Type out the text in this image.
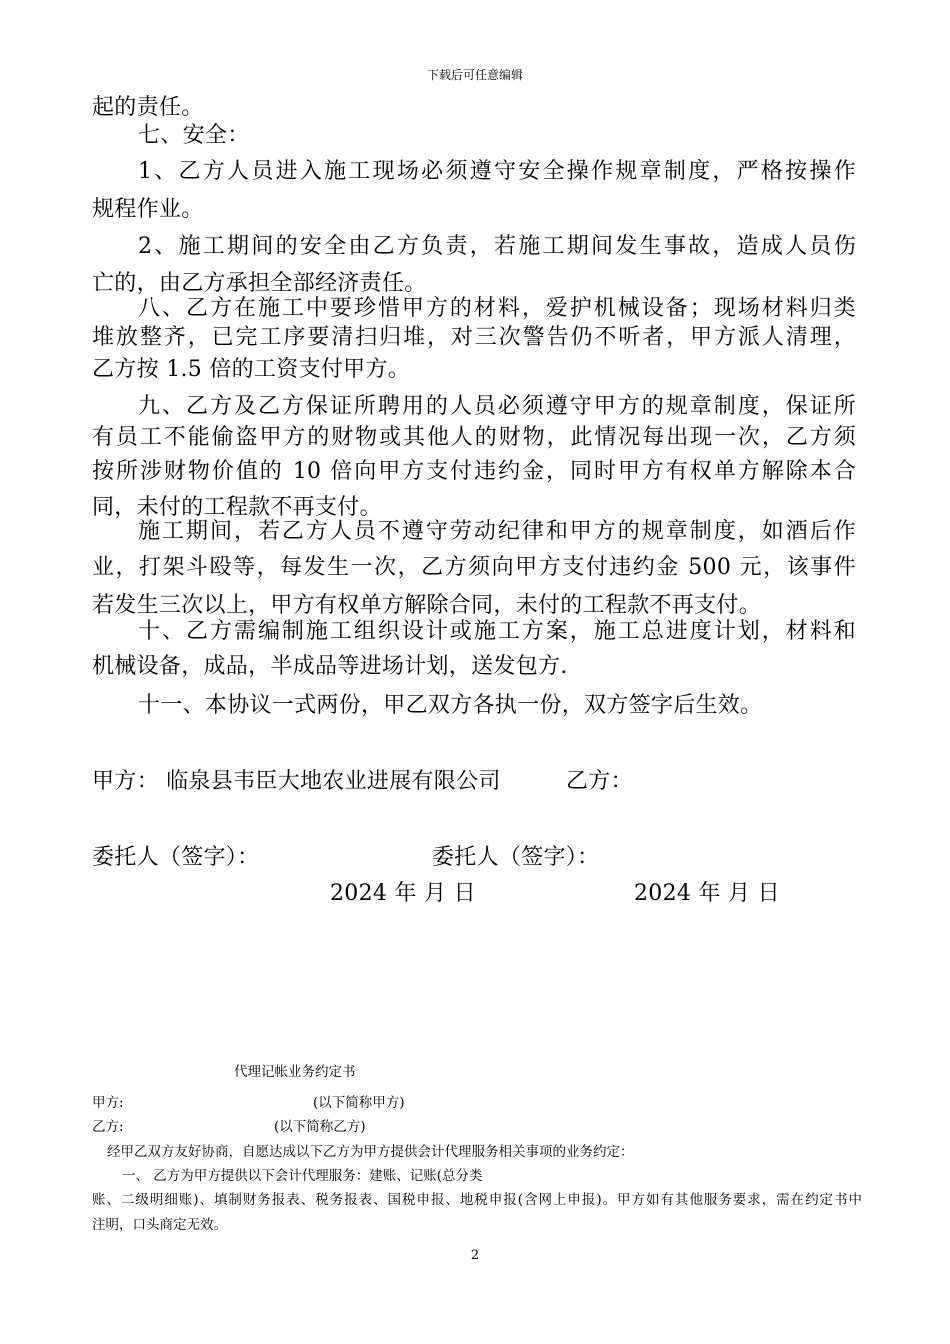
下载后可任意编辑
起的责任。
七、安全：
1、乙方人员进入施工现场必须遵守安全操作规章制度，严格按操作
规程作业。
2、施工期间的安全由乙方负责，若施工期间发生事故，造成人员伤
亡的，由乙方承担全部经济责任。
八、乙方在施工中要珍惜甲方的材料，爱护机械设备；现场材料归类
堆放整齐，已完工序要清扫归堆，对三次警告仍不听者，甲方派人清理，
乙方按 1.5 倍的工资支付甲方。
九、乙方及乙方保证所聘用的人员必须遵守甲方的规章制度，保证所
有员工不能偷盗甲方的财物或其他人的财物，此情况每出现一次，乙方须
按所涉财物价值的 10 倍向甲方支付违约金，同时甲方有权单方解除本合
同，未付的工程款不再支付。
施工期间，若乙方人员不遵守劳动纪律和甲方的规章制度，如酒后作
业，打架斗殴等，每发生一次，乙方须向甲方支付违约金 500 元，该事件
若发生三次以上，甲方有权单方解除合同，未付的工程款不再支付。
十、乙方需编制施工组织设计或施工方案，施工总进度计划，材料和
机械设备，成品，半成品等进场计划，送发包方.
十一、本协议一式两份，甲乙双方各执一份，双方签字后生效。
甲方： 临泉县韦臣大地农业进展有限公司	乙方：
委托人（签字）：	委托人（签字）：
2024 年 月 日	2024 年 月 日
代理记帐业务约定书
甲方:	(以下简称甲方)
乙方:	(以下简称乙方)
经甲乙双方友好协商，自愿达成以下乙方为甲方提供会计代理服务相关事项的业务约定：
一、 乙方为甲方提供以下会计代理服务：建账、记账(总分类
账、二级明细账)、填制财务报表、税务报表、国税申报、地税申报(含网上申报)。甲方如有其他服务要求，需在约定书中
注明，口头商定无效。
2
